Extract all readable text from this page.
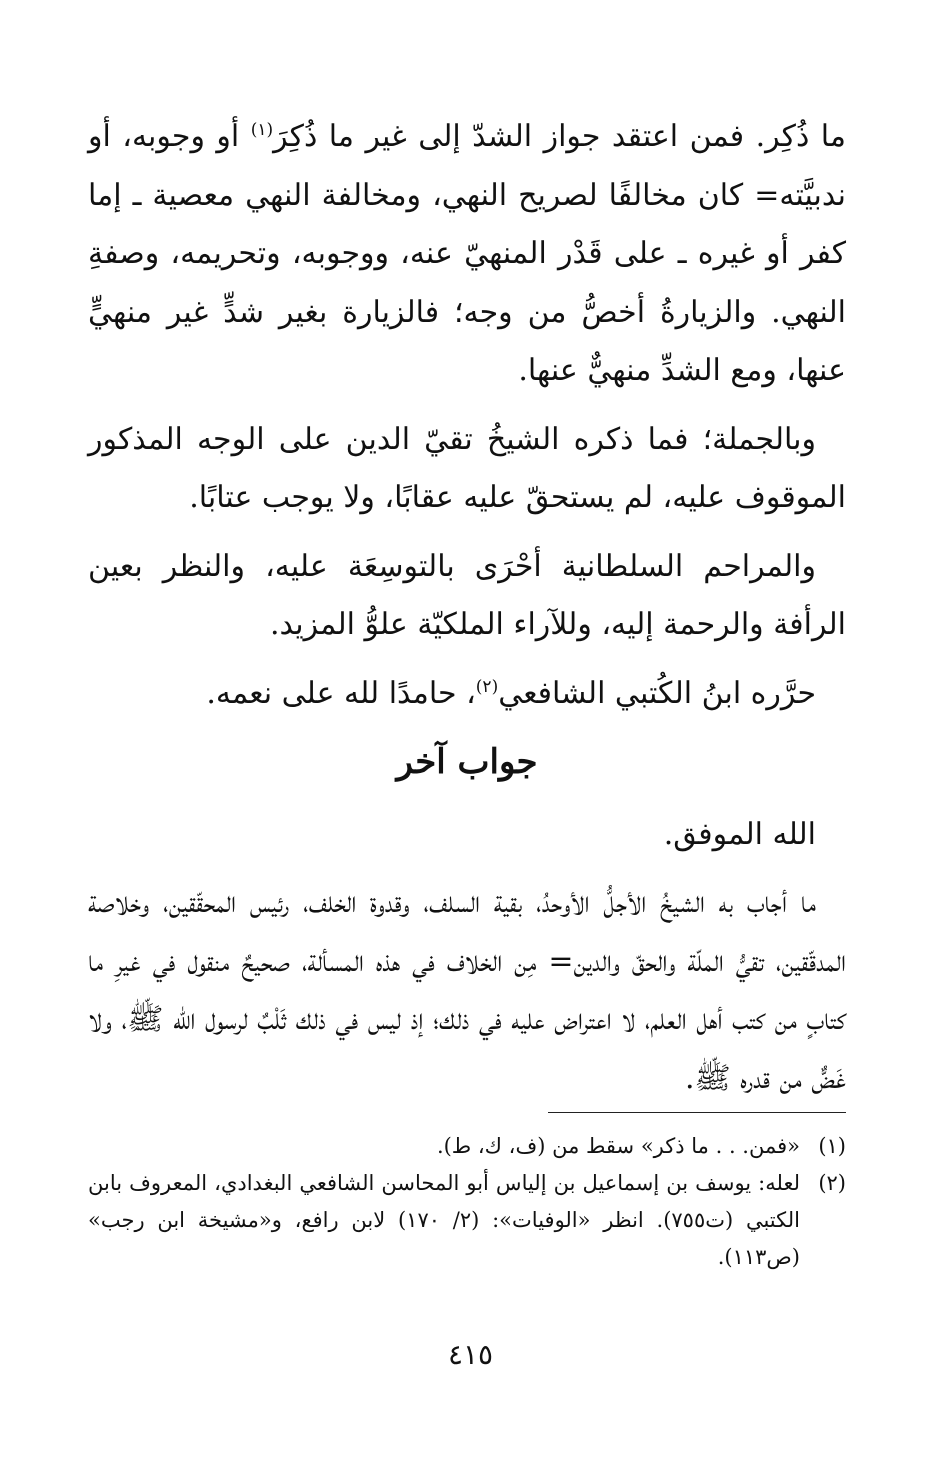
ما ذُكِر. فمن اعتقد جواز الشدّ إلى غير ما ذُكِرَ$^{(١)}$ أو وجوبه، أو ندبيَّته= كان مخالفًا لصريح النهي، ومخالفة النهي معصية ـ إما كفر أو غيره ـ على قَدْر المنهيّ عنه، ووجوبه، وتحريمه، وصفةِ النهي. والزيارةُ أخصُّ من وجه؛ فالزيارة بغير شدٍّ غير منهيٍّ عنها، ومع الشدِّ منهيٌّ عنها.

وبالجملة؛ فما ذكره الشيخُ تقيّ الدين على الوجه المذكور الموقوف عليه، لم يستحقّ عليه عقابًا، ولا يوجب عتابًا.

والمراحم السلطانية أحْرَى بالتوسِعَة عليه، والنظر بعين الرأفة والرحمة إليه، وللآراء الملكيّة علوُّ المزيد.

حرَّره ابنُ الكُتبي الشافعي$^{(٢)}$، حامدًا لله على نعمه.

جواب آخر

الله الموفق.

ما أجاب به الشيخُ الأجلُّ الأوحدُ، بقية السلف، وقدوة الخلف، رئيس المحقّقين، وخلاصة المدقّقين، تقيُّ الملّة والحقّ والدين= مِن الخلاف في هذه المسألة، صحيحٌ منقول في غيرِ ما كتابٍ من كتب أهل العلم، لا اعتراض عليه في ذلك؛ إذ ليس في ذلك ثَلْبٌ لرسول الله ﷺ، ولا غَضٌّ من قدره ﷺ.

(١)
«فمن. . . ما ذكر» سقط من (ف، ك، ط).
(٢)
لعله: يوسف بن إسماعيل بن إلياس أبو المحاسن الشافعي البغدادي، المعروف بابن الكتبي (ت٧٥٥). انظر «الوفيات»: (٢/ ١٧٠) لابن رافع، و«مشيخة ابن رجب» (ص١١٣).
٤١٥
